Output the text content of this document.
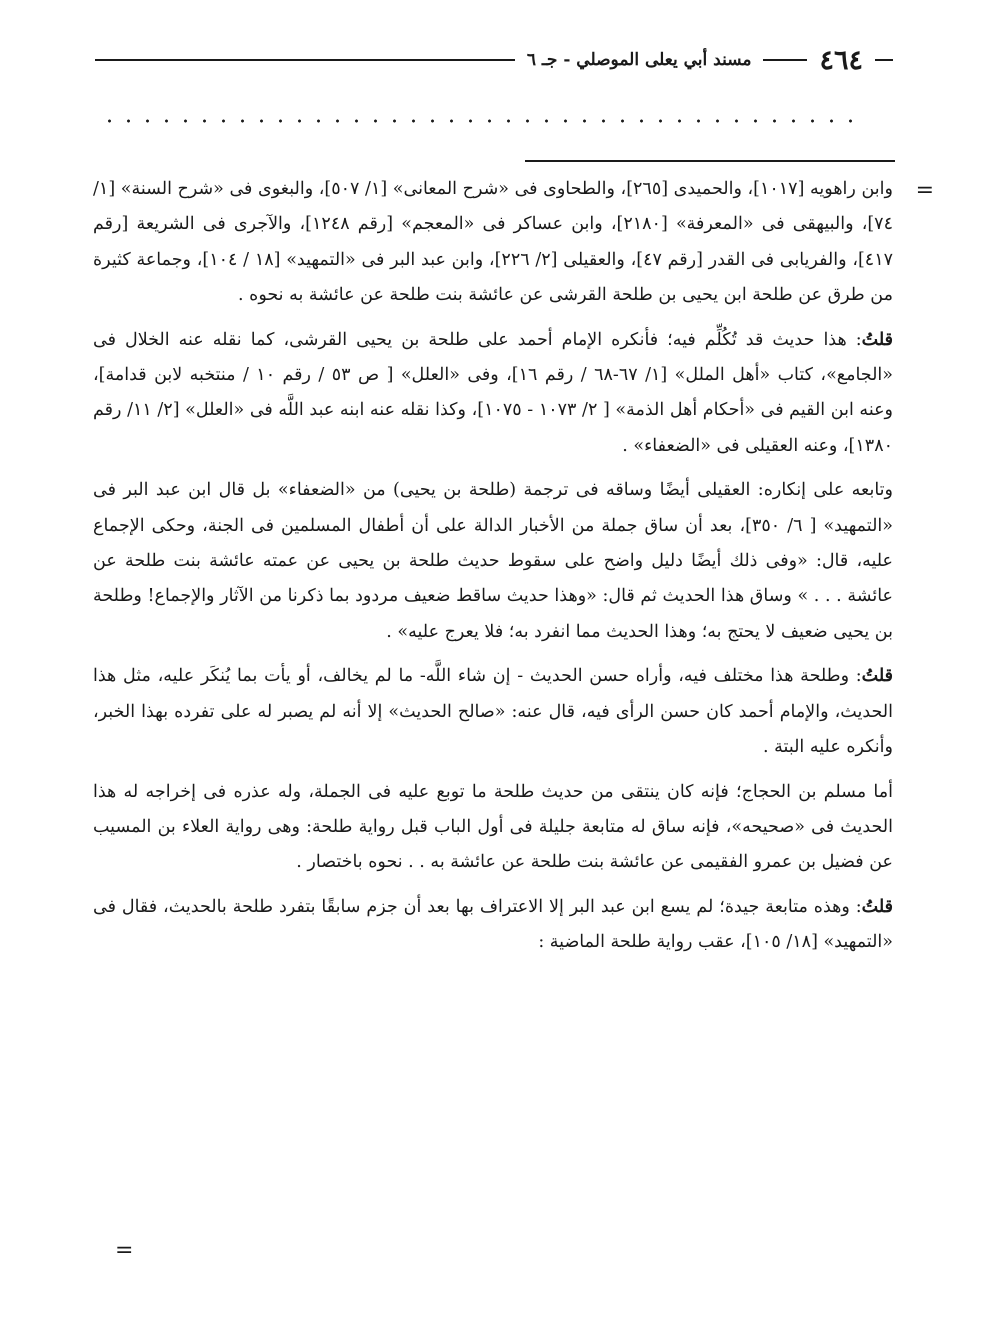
٤٦٤
مسند أبي يعلى الموصلي - جـ ٦
=

وابن راهويه [١٠١٧]، والحميدى [٢٦٥]، والطحاوى فى «شرح المعانى» [١/ ٥٠٧]، والبغوى فى «شرح السنة» [١/ ٧٤]، والبيهقى فى «المعرفة» [٢١٨٠]، وابن عساكر فى «المعجم» [رقم ١٢٤٨]، والآجرى فى الشريعة [رقم ٤١٧]، والفريابى فى القدر [رقم ٤٧]، والعقيلى [٢/ ٢٢٦]، وابن عبد البر فى «التمهيد» [١٨ / ١٠٤]، وجماعة كثيرة من طرق عن طلحة ابن يحيى بن طلحة القرشى عن عائشة بنت طلحة عن عائشة به نحوه .

قلتُ: هذا حديث قد تُكُلِّم فيه؛ فأنكره الإمام أحمد على طلحة بن يحيى القرشى، كما نقله عنه الخلال فى «الجامع»، كتاب «أهل الملل» [١/ ٦٧-٦٨ / رقم ١٦]، وفى «العلل» [ ص ٥٣ / رقم ١٠ / منتخبه لابن قدامة]، وعنه ابن القيم فى «أحكام أهل الذمة» [ ٢/ ١٠٧٣ - ١٠٧٥]، وكذا نقله عنه ابنه عبد اللَّه فى «العلل» [٢/ ١١/ رقم ١٣٨٠]، وعنه العقيلى فى «الضعفاء» .

وتابعه على إنكاره: العقيلى أيضًا وساقه فى ترجمة (طلحة بن يحيى) من «الضعفاء» بل قال ابن عبد البر فى «التمهيد» [ ٦/ ٣٥٠]، بعد أن ساق جملة من الأخبار الدالة على أن أطفال المسلمين فى الجنة، وحكى الإجماع عليه، قال: «وفى ذلك أيضًا دليل واضح على سقوط حديث طلحة بن يحيى عن عمته عائشة بنت طلحة عن عائشة . . . » وساق هذا الحديث ثم قال: «وهذا حديث ساقط ضعيف مردود بما ذكرنا من الآثار والإجماع! وطلحة بن يحيى ضعيف لا يحتج به؛ وهذا الحديث مما انفرد به؛ فلا يعرج عليه» .

قلتُ: وطلحة هذا مختلف فيه، وأراه حسن الحديث - إن شاء اللَّه- ما لم يخالف، أو يأت بما يُنكَر عليه، مثل هذا الحديث، والإمام أحمد كان حسن الرأى فيه، قال عنه: «صالح الحديث» إلا أنه لم يصبر له على تفرده بهذا الخبر، وأنكره عليه البتة .

أما مسلم بن الحجاج؛ فإنه كان ينتقى من حديث طلحة ما توبع عليه فى الجملة، وله عذره فى إخراجه له هذا الحديث فى «صحيحه»، فإنه ساق له متابعة جليلة فى أول الباب قبل رواية طلحة: وهى رواية العلاء بن المسيب عن فضيل بن عمرو الفقيمى عن عائشة بنت طلحة عن عائشة به . . نحوه باختصار .

قلتُ: وهذه متابعة جيدة؛ لم يسع ابن عبد البر إلا الاعتراف بها بعد أن جزم سابقًا بتفرد طلحة بالحديث، فقال فى «التمهيد» [١٨/ ١٠٥]، عقب رواية طلحة الماضية :

=
